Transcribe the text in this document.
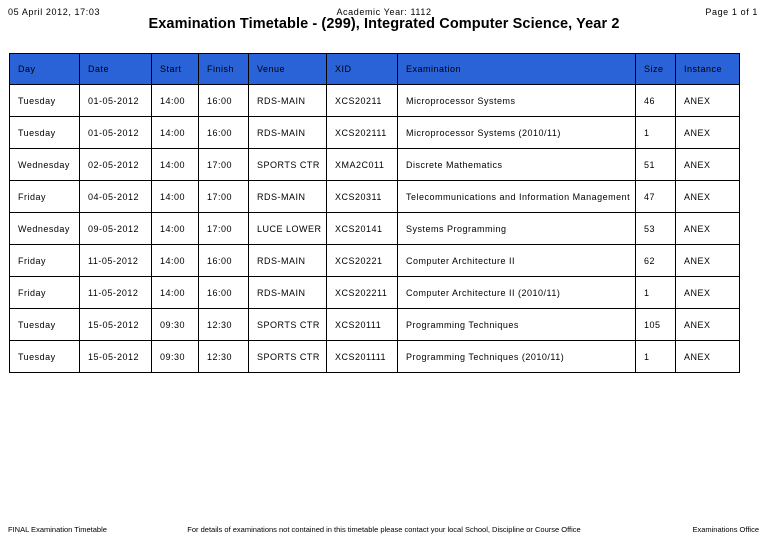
05 April 2012, 17:03	Academic Year: 1112	Page 1 of 1
Examination Timetable - (299), Integrated Computer Science, Year 2
Day	Date	Start	Finish	Venue	XID	Examination	Size	Instance
Tuesday	01-05-2012	14:00	16:00	RDS-MAIN	XCS20211	Microprocessor Systems	46	ANEX
Tuesday	01-05-2012	14:00	16:00	RDS-MAIN	XCS202111	Microprocessor Systems (2010/11)	1	ANEX
Wednesday	02-05-2012	14:00	17:00	SPORTS CTR	XMA2C011	Discrete Mathematics	51	ANEX
Friday	04-05-2012	14:00	17:00	RDS-MAIN	XCS20311	Telecommunications and Information Management	47	ANEX
Wednesday	09-05-2012	14:00	17:00	LUCE LOWER	XCS20141	Systems Programming	53	ANEX
Friday	11-05-2012	14:00	16:00	RDS-MAIN	XCS20221	Computer Architecture II	62	ANEX
Friday	11-05-2012	14:00	16:00	RDS-MAIN	XCS202211	Computer Architecture II (2010/11)	1	ANEX
Tuesday	15-05-2012	09:30	12:30	SPORTS CTR	XCS20111	Programming Techniques	105	ANEX
Tuesday	15-05-2012	09:30	12:30	SPORTS CTR	XCS201111	Programming Techniques (2010/11)	1	ANEX
FINAL Examination Timetable	For details of examinations not contained in this timetable please contact your local School, Discipline or Course Office	Examinations Office
